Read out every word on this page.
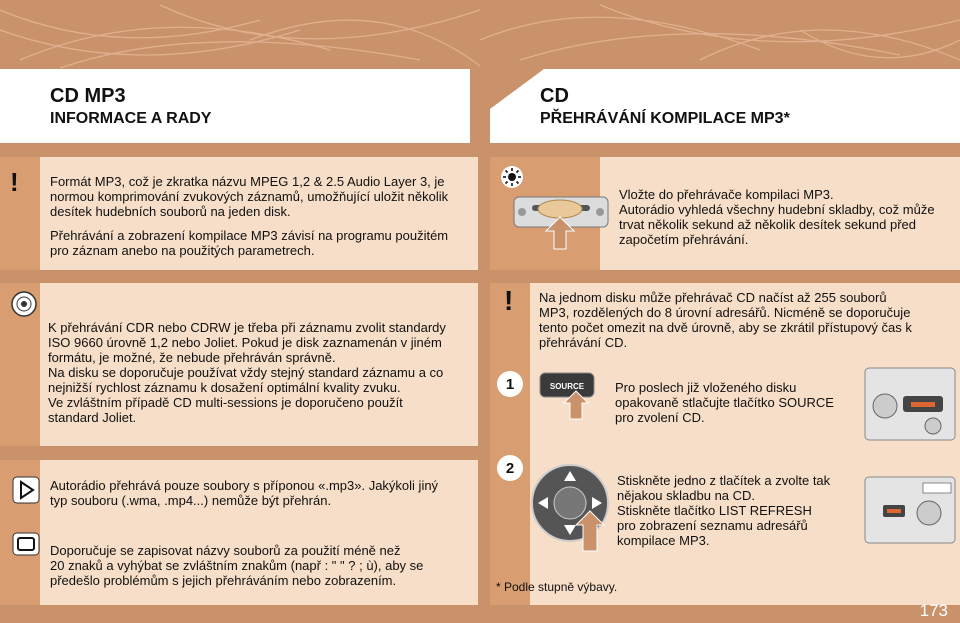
CD MP3
INFORMACE A RADY
CD
PŘEHRÁVÁNÍ KOMPILACE MP3*
! Formát MP3, což je zkratka názvu MPEG 1,2 & 2.5 Audio Layer 3, je
normou komprimování zvukových záznamů, umožňující uložit několik
desítek hudebních souborů na jeden disk.
Přehrávání a zobrazení kompilace MP3 závisí na programu použitém
pro záznam anebo na použitých parametrech.
K přehrávání CDR nebo CDRW je třeba při záznamu zvolit standardy
ISO 9660 úrovně 1,2 nebo Joliet. Pokud je disk zaznamenán v jiném
formátu, je možné, že nebude přehráván správně.
Na disku se doporučuje používat vždy stejný standard záznamu a co
nejnižší rychlost záznamu k dosažení optimální kvality zvuku.
Ve zvláštním případě CD multi-sessions je doporučeno použít
standard Joliet.
Autorádio přehrává pouze soubory s příponou «.mp3». Jakýkoli jiný
typ souboru (.wma, .mp4...) nemůže být přehrán.
Doporučuje se zapisovat názvy souborů za použití méně než
20 znaků a vyhýbat se zvláštním znakům (např : " " ? ; ù), aby se
předešlo problémům s jejich přehráváním nebo zobrazením.
Vložte do přehrávače kompilaci MP3.
Autorádio vyhledá všechny hudební skladby, což může
trvat několik sekund až několik desítek sekund před
započetím přehrávání.
! Na jednom disku může přehrávač CD načíst až 255 souborů
MP3, rozdělených do 8 úrovní adresářů. Nicméně se doporučuje
tento počet omezit na dvě úrovně, aby se zkrátil přístupový čas k
přehrávání CD.
1	SOURCE Pro poslech již vloženého disku
opakovaně stlačujte tlačítko SOURCE
pro zvolení CD.
2
Stiskněte jedno z tlačítek a zvolte tak
nějakou skladbu na CD.
Stiskněte tlačítko LIST REFRESH
pro zobrazení seznamu adresářů
kompilace MP3.
* Podle stupně výbavy.
173
